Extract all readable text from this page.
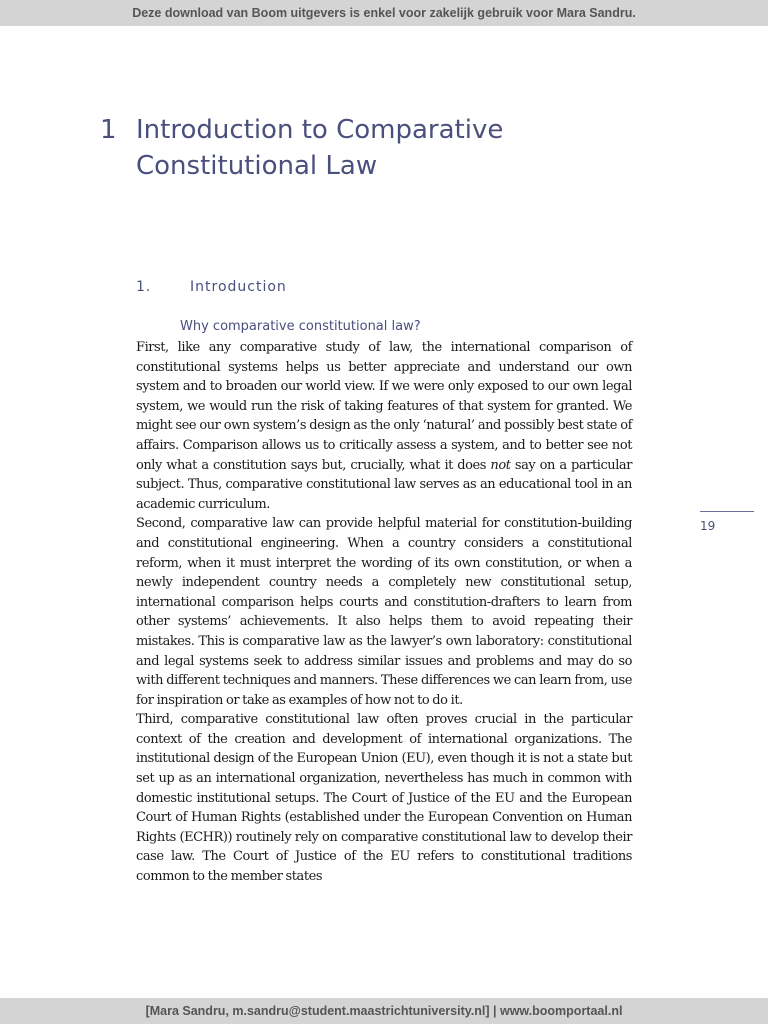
Deze download van Boom uitgevers is enkel voor zakelijk gebruik voor Mara Sandru.
1 Introduction to Comparative Constitutional Law
1.	Introduction
Why comparative constitutional law?

First, like any comparative study of law, the international comparison of constitutional systems helps us better appreciate and understand our own system and to broaden our world view. If we were only exposed to our own legal system, we would run the risk of taking features of that system for granted. We might see our own system’s design as the only ‘natural’ and possibly best state of affairs. Comparison allows us to critically assess a system, and to better see not only what a constitution says but, crucially, what it does not say on a particular subject. Thus, comparative constitutional law serves as an educational tool in an academic curriculum.

Second, comparative law can provide helpful material for constitution-building and constitutional engineering. When a country considers a constitutional reform, when it must interpret the wording of its own constitution, or when a newly independent country needs a completely new constitutional setup, international comparison helps courts and constitution-drafters to learn from other systems’ achievements. It also helps them to avoid repeating their mistakes. This is comparative law as the lawyer’s own laboratory: constitutional and legal systems seek to address similar issues and problems and may do so with different techniques and manners. These differences we can learn from, use for inspiration or take as examples of how not to do it.

Third, comparative constitutional law often proves crucial in the particular context of the creation and development of international organizations. The institutional design of the European Union (EU), even though it is not a state but set up as an international organization, nevertheless has much in common with domestic institutional setups. The Court of Justice of the EU and the European Court of Human Rights (established under the European Convention on Human Rights (ECHR)) routinely rely on comparative constitutional law to develop their case law. The Court of Justice of the EU refers to constitutional traditions common to the member states

19
[Mara Sandru, m.sandru@student.maastrichtuniversity.nl] | www.boomportaal.nl
